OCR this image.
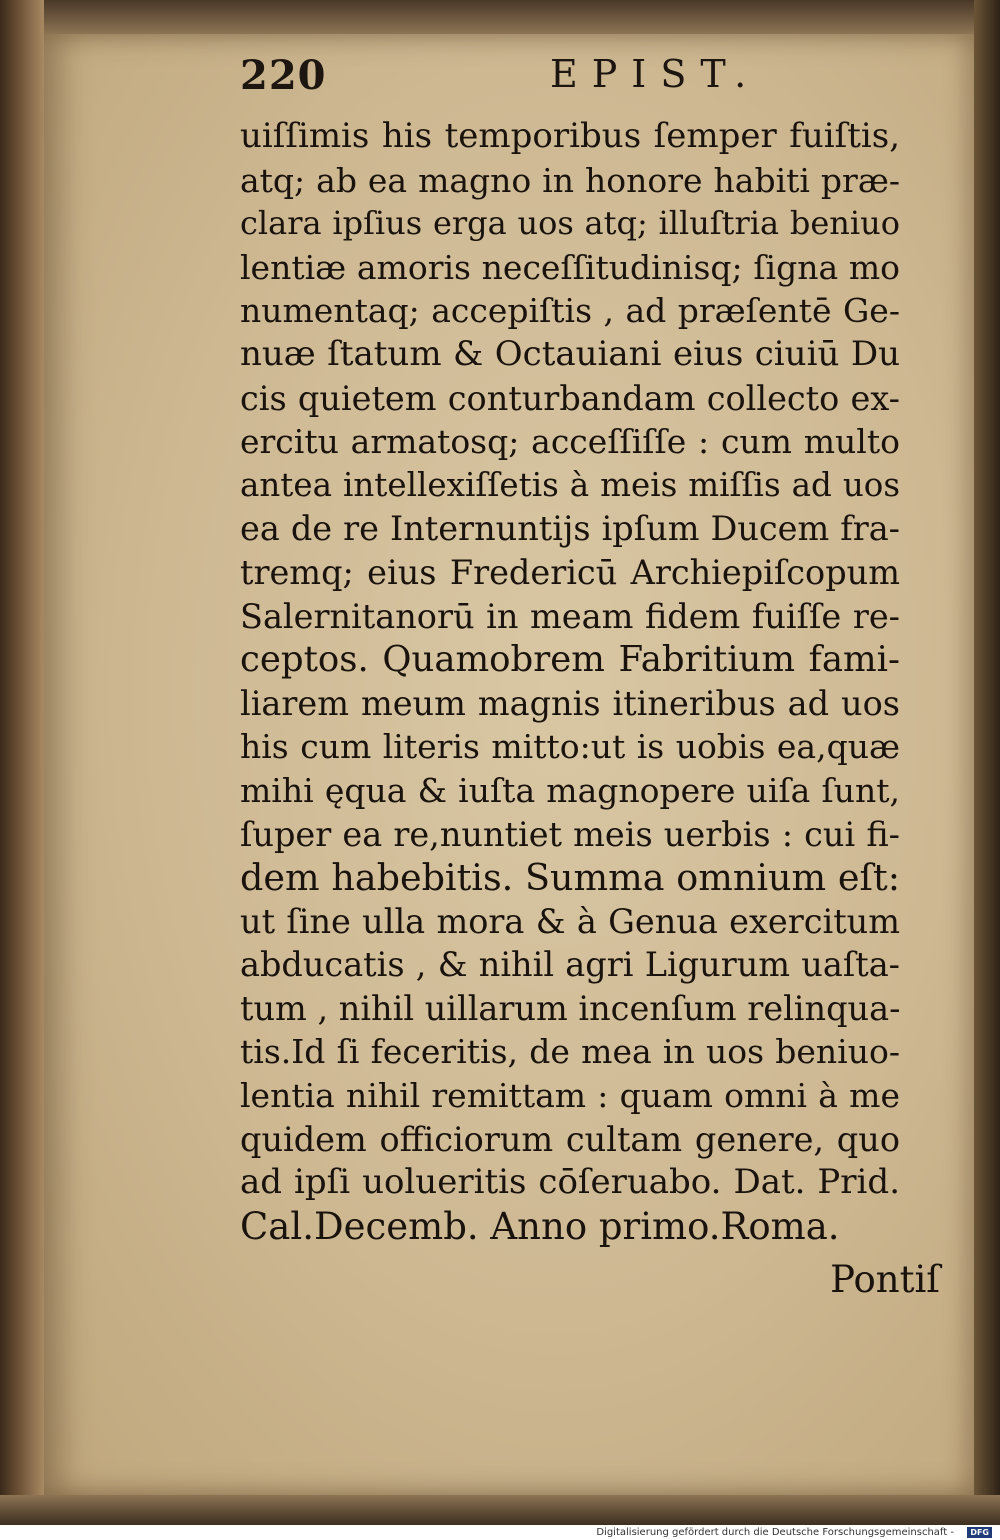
220	EPIST.
uiſſimis his temporibus ſemper fuiſtis,
atq; ab ea magno in honore habiti præ-
clara ipſius erga uos atq; illuſtria beniuo
lentiæ amoris neceſſitudinisq; ſigna mo
numentaq; accepiſtis , ad præſentē Ge-
nuæ ſtatum & Octauiani eius ciuiū Du
cis quietem conturbandam collecto ex-
ercitu armatosq; acceſſiſſe : cum multo
antea intellexiſſetis à meis miſſis ad uos
ea de re Internuntijs ipſum Ducem fra-
tremq; eius Fredericū Archiepiſcopum
Salernitanorū in meam fidem fuiſſe re-
ceptos. Quamobrem Fabritium fami-
liarem meum magnis itineribus ad uos
his cum literis mitto:ut is uobis ea,quæ
mihi ęqua & iuſta magnopere uiſa ſunt,
ſuper ea re,nuntiet meis uerbis : cui fi-
dem habebitis. Summa omnium eſt:
ut ſine ulla mora & à Genua exercitum
abducatis , & nihil agri Ligurum uaſta-
tum , nihil uillarum incenſum relinqua-
tis.Id ſi feceritis, de mea in uos beniuo-
lentia nihil remittam : quam omni à me
quidem officiorum cultam genere, quo
ad ipſi uolueritis cōſeruabo. Dat. Prid.
Cal.Decemb. Anno primo.Roma.
Pontiſ
Digitalisierung gefördert durch die Deutsche Forschungsgemeinschaft -	DFG
